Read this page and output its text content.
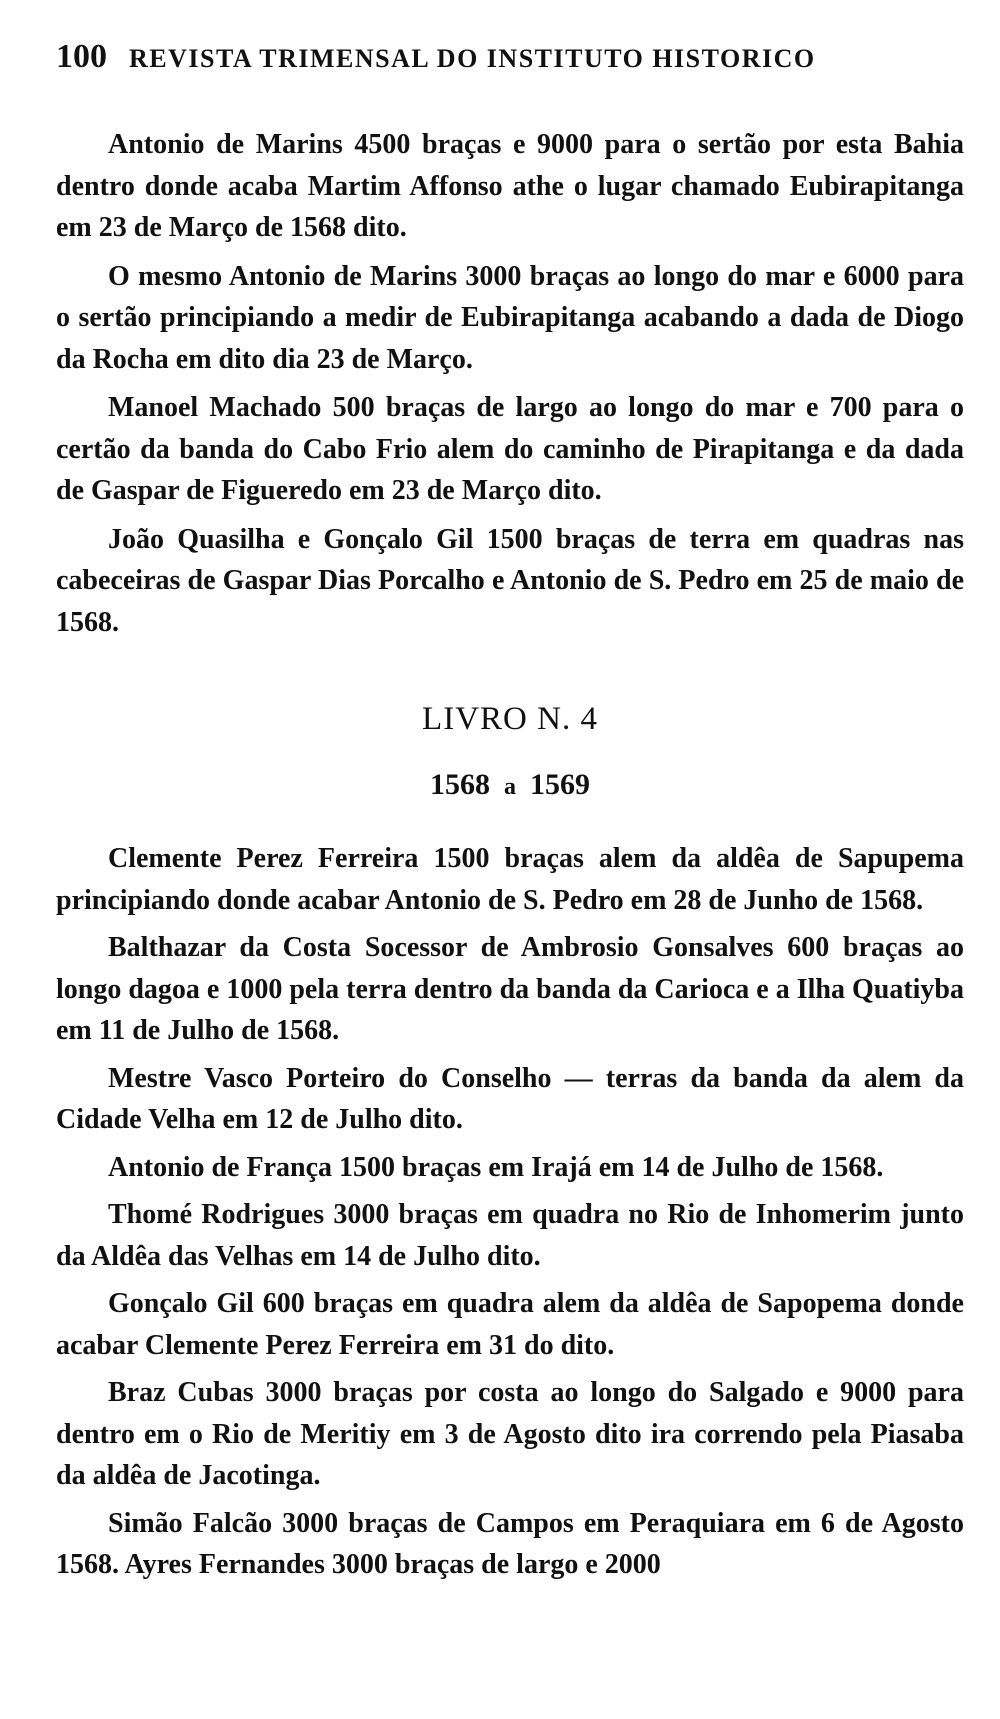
100 REVISTA TRIMENSAL DO INSTITUTO HISTORICO

Antonio de Marins 4500 braças e 9000 para o sertão por esta Bahia dentro donde acaba Martim Affonso athe o lugar chamado Eubirapitanga em 23 de Março de 1568 dito.

O mesmo Antonio de Marins 3000 braças ao longo do mar e 6000 para o sertão principiando a medir de Eubirapitanga acabando a dada de Diogo da Rocha em dito dia 23 de Março.

Manoel Machado 500 braças de largo ao longo do mar e 700 para o certão da banda do Cabo Frio alem do caminho de Pirapitanga e da dada de Gaspar de Figueredo em 23 de Março dito.

João Quasilha e Gonçalo Gil 1500 braças de terra em quadras nas cabeceiras de Gaspar Dias Porcalho e Antonio de S. Pedro em 25 de maio de 1568.

LIVRO N. 4
1568 a 1569

Clemente Perez Ferreira 1500 braças alem da aldêa de Sapupema principiando donde acabar Antonio de S. Pedro em 28 de Junho de 1568.

Balthazar da Costa Socessor de Ambrosio Gonsalves 600 braças ao longo dagoa e 1000 pela terra dentro da banda da Carioca e a Ilha Quatiyba em 11 de Julho de 1568.

Mestre Vasco Porteiro do Conselho — terras da banda da alem da Cidade Velha em 12 de Julho dito.

Antonio de França 1500 braças em Irajá em 14 de Julho de 1568.

Thomé Rodrigues 3000 braças em quadra no Rio de Inhomerim junto da Aldêa das Velhas em 14 de Julho dito.

Gonçalo Gil 600 braças em quadra alem da aldêa de Sapopema donde acabar Clemente Perez Ferreira em 31 do dito.

Braz Cubas 3000 braças por costa ao longo do Salgado e 9000 para dentro em o Rio de Meritiy em 3 de Agosto dito ira correndo pela Piasaba da aldêa de Jacotinga.

Simão Falcão 3000 braças de Campos em Peraquiara em 6 de Agosto 1568. Ayres Fernandes 3000 braças de largo e 2000
